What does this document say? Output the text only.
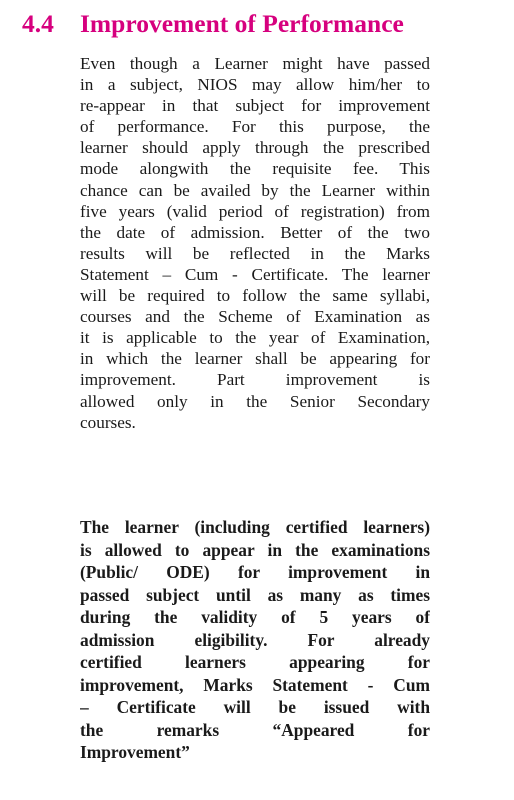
4.4 Improvement of Performance
Even though a Learner might have passed
in a subject, NIOS may allow him/her to
re-appear in that subject for improvement
of performance. For this purpose, the
learner should apply through the prescribed
mode alongwith the requisite fee. This
chance can be availed by the Learner within
five years (valid period of registration) from
the date of admission. Better of the two
results will be reflected in the Marks
Statement – Cum - Certificate. The learner
will be required to follow the same syllabi,
courses and the Scheme of Examination as
it is applicable to the year of Examination,
in which the learner shall be appearing for
improvement. Part improvement is
allowed only in the Senior Secondary
courses.
The learner (including certified learners)
is allowed to appear in the examinations
(Public/ ODE) for improvement in
passed subject until as many as times
during the validity of 5 years of
admission eligibility. For already
certified learners appearing for
improvement, Marks Statement - Cum
– Certificate will be issued with
the remarks “Appeared for
Improvement”
